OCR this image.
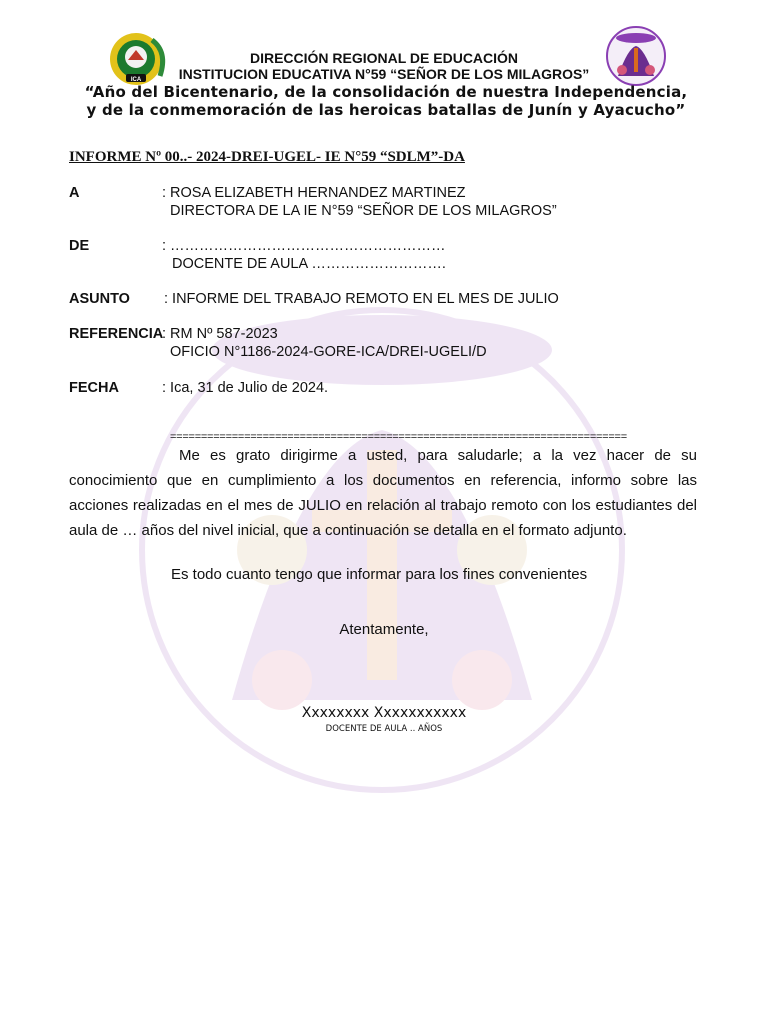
ICA
DIRECCIÓN REGIONAL DE EDUCACIÓN
INSTITUCION EDUCATIVA N°59 “SEÑOR DE LOS MILAGROS”
“Año del Bicentenario, de la consolidación de nuestra Independencia,
y de la conmemoración de las heroicas batallas de Junín y Ayacucho”
INFORME Nº 00..- 2024-DREI-UGEL- IE N°59 “SDLM”-DA
A	: ROSA ELIZABETH HERNANDEZ MARTINEZ
DIRECTORA DE LA IE N°59 “SEÑOR DE LOS MILAGROS”
DE	: …………………………………………………
DOCENTE DE AULA ……………………….
ASUNTO : INFORME DEL TRABAJO REMOTO EN EL MES DE JULIO
REFERENCIA
: RM Nº 587-2023
OFICIO N°1186-2024-GORE-ICA/DREI-UGELI/D
FECHA	: Ica, 31 de Julio de 2024.
==========================================================================

Me es grato dirigirme a usted, para saludarle; a la vez hacer de su conocimiento que en cumplimiento a los documentos en referencia, informo sobre las acciones realizadas en el mes de JULIO en relación al trabajo remoto con los estudiantes del aula de … años del nivel inicial, que a continuación se detalla en el formato adjunto.

Es todo cuanto tengo que informar para los fines convenientes
Atentamente,
Xxxxxxxx Xxxxxxxxxxx
DOCENTE DE AULA .. AÑOS
